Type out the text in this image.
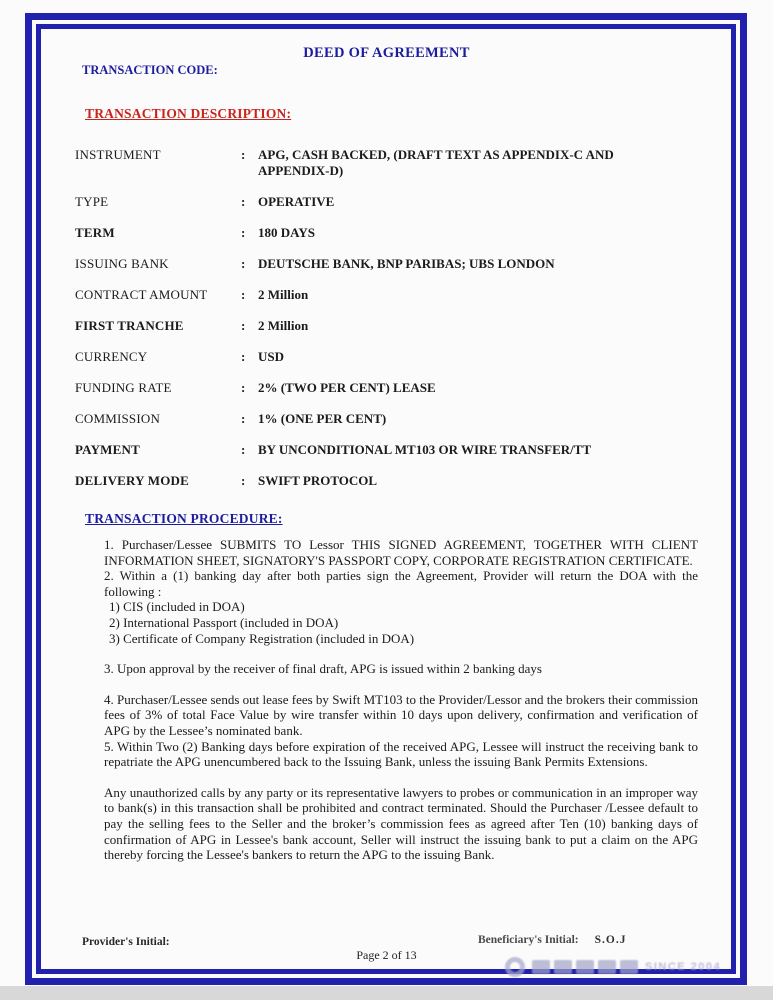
DEED OF AGREEMENT
TRANSACTION CODE:
TRANSACTION DESCRIPTION:
INSTRUMENT	: APG, CASH BACKED, (DRAFT TEXT AS APPENDIX-C AND APPENDIX-D)
TYPE	: OPERATIVE
TERM	: 180 DAYS
ISSUING BANK	: DEUTSCHE BANK, BNP PARIBAS; UBS LONDON
CONTRACT AMOUNT	: 2 Million
FIRST TRANCHE	: 2 Million
CURRENCY	: USD
FUNDING RATE	: 2% (TWO PER CENT) LEASE
COMMISSION	: 1% (ONE PER CENT)
PAYMENT	: BY UNCONDITIONAL MT103 OR WIRE TRANSFER/TT
DELIVERY MODE	: SWIFT PROTOCOL
TRANSACTION PROCEDURE:

1. Purchaser/Lessee SUBMITS TO Lessor THIS SIGNED AGREEMENT, TOGETHER WITH CLIENT INFORMATION SHEET, SIGNATORY'S PASSPORT COPY, CORPORATE REGISTRATION CERTIFICATE.

2. Within a (1) banking day after both parties sign the Agreement, Provider will return the DOA with the following :

1) CIS (included in DOA)
2) International Passport (included in DOA)
3) Certificate of Company Registration (included in DOA)

3. Upon approval by the receiver of final draft, APG is issued within 2 banking days

4. Purchaser/Lessee sends out lease fees by Swift MT103 to the Provider/Lessor and the brokers their commission fees of 3% of total Face Value by wire transfer within 10 days upon delivery, confirmation and verification of APG by the Lessee’s nominated bank.

5. Within Two (2) Banking days before expiration of the received APG, Lessee will instruct the receiving bank to repatriate the APG unencumbered back to the Issuing Bank, unless the issuing Bank Permits Extensions.

Any unauthorized calls by any party or its representative lawyers to probes or communication in an improper way to bank(s) in this transaction shall be prohibited and contract terminated. Should the Purchaser /Lessee default to pay the selling fees to the Seller and the broker’s commission fees as agreed after Ten (10) banking days of confirmation of APG in Lessee's bank account, Seller will instruct the issuing bank to put a claim on the APG thereby forcing the Lessee's bankers to return the APG to the issuing Bank.

Provider's Initial:	Beneficiary's Initial: S.O.J
Page 2 of 13
SINCE 2004
